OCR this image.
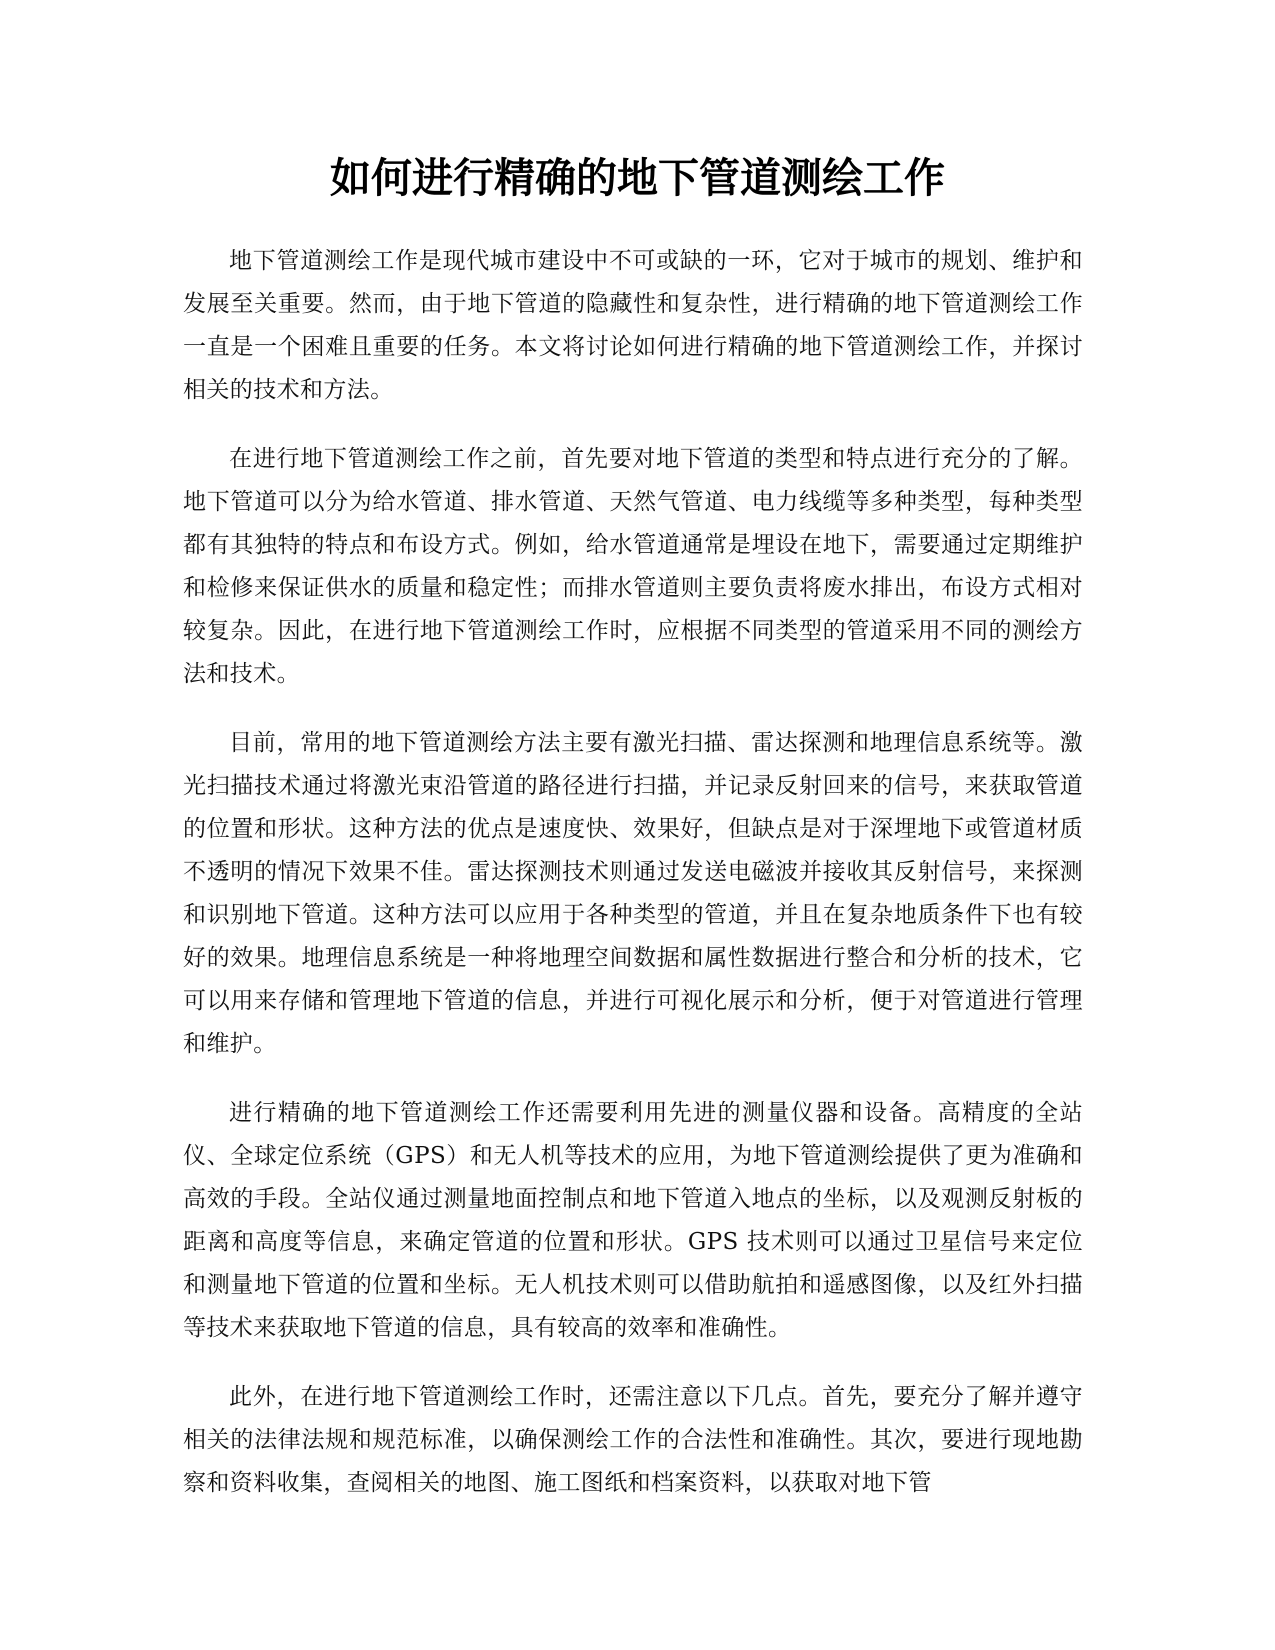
如何进行精确的地下管道测绘工作

地下管道测绘工作是现代城市建设中不可或缺的一环，它对于城市的规划、维护和发展至关重要。然而，由于地下管道的隐藏性和复杂性，进行精确的地下管道测绘工作一直是一个困难且重要的任务。本文将讨论如何进行精确的地下管道测绘工作，并探讨相关的技术和方法。

在进行地下管道测绘工作之前，首先要对地下管道的类型和特点进行充分的了解。地下管道可以分为给水管道、排水管道、天然气管道、电力线缆等多种类型，每种类型都有其独特的特点和布设方式。例如，给水管道通常是埋设在地下，需要通过定期维护和检修来保证供水的质量和稳定性；而排水管道则主要负责将废水排出，布设方式相对较复杂。因此，在进行地下管道测绘工作时，应根据不同类型的管道采用不同的测绘方法和技术。

目前，常用的地下管道测绘方法主要有激光扫描、雷达探测和地理信息系统等。激光扫描技术通过将激光束沿管道的路径进行扫描，并记录反射回来的信号，来获取管道的位置和形状。这种方法的优点是速度快、效果好，但缺点是对于深埋地下或管道材质不透明的情况下效果不佳。雷达探测技术则通过发送电磁波并接收其反射信号，来探测和识别地下管道。这种方法可以应用于各种类型的管道，并且在复杂地质条件下也有较好的效果。地理信息系统是一种将地理空间数据和属性数据进行整合和分析的技术，它可以用来存储和管理地下管道的信息，并进行可视化展示和分析，便于对管道进行管理和维护。

进行精确的地下管道测绘工作还需要利用先进的测量仪器和设备。高精度的全站仪、全球定位系统（GPS）和无人机等技术的应用，为地下管道测绘提供了更为准确和高效的手段。全站仪通过测量地面控制点和地下管道入地点的坐标，以及观测反射板的距离和高度等信息，来确定管道的位置和形状。GPS 技术则可以通过卫星信号来定位和测量地下管道的位置和坐标。无人机技术则可以借助航拍和遥感图像，以及红外扫描等技术来获取地下管道的信息，具有较高的效率和准确性。

此外，在进行地下管道测绘工作时，还需注意以下几点。首先，要充分了解并遵守相关的法律法规和规范标准，以确保测绘工作的合法性和准确性。其次，要进行现地勘察和资料收集，查阅相关的地图、施工图纸和档案资料，以获取对地下管
